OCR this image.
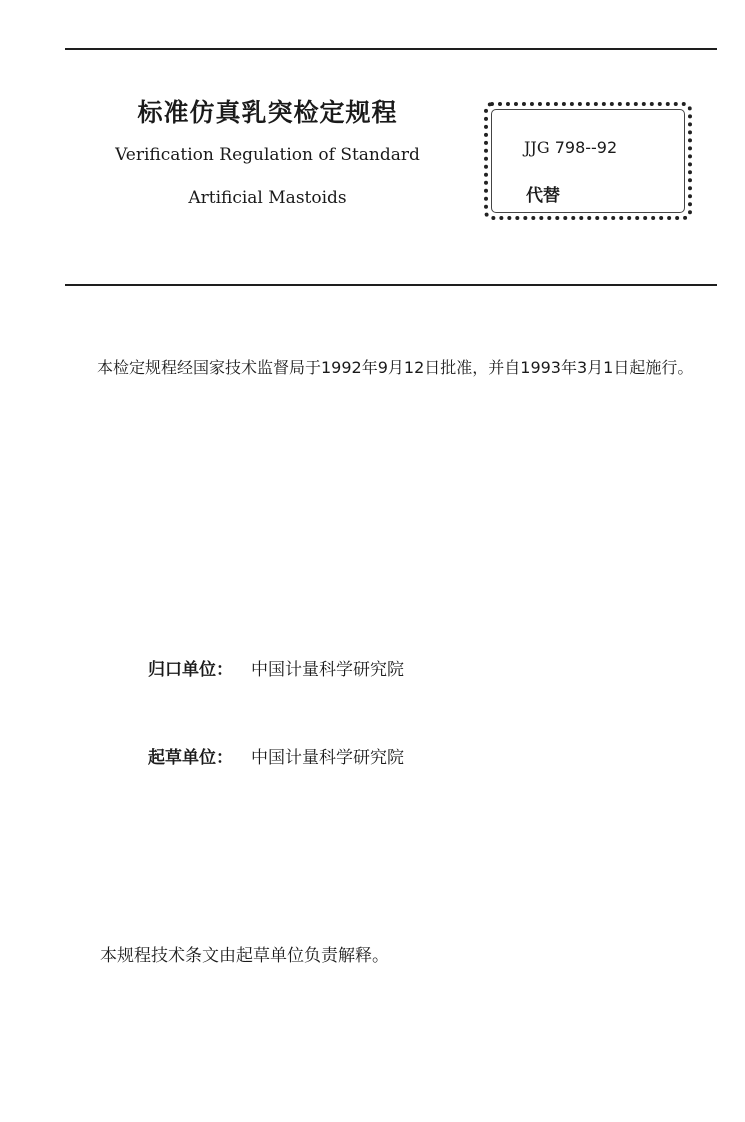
标准仿真乳突检定规程
Verification Regulation of Standard
Artificial Mastoids
JJG 798--92
代替
本检定规程经国家技术监督局于1992年9月12日批准，并自1993年3月1日起施行。
归口单位： 中国计量科学研究院
起草单位： 中国计量科学研究院
本规程技术条文由起草单位负责解释。
